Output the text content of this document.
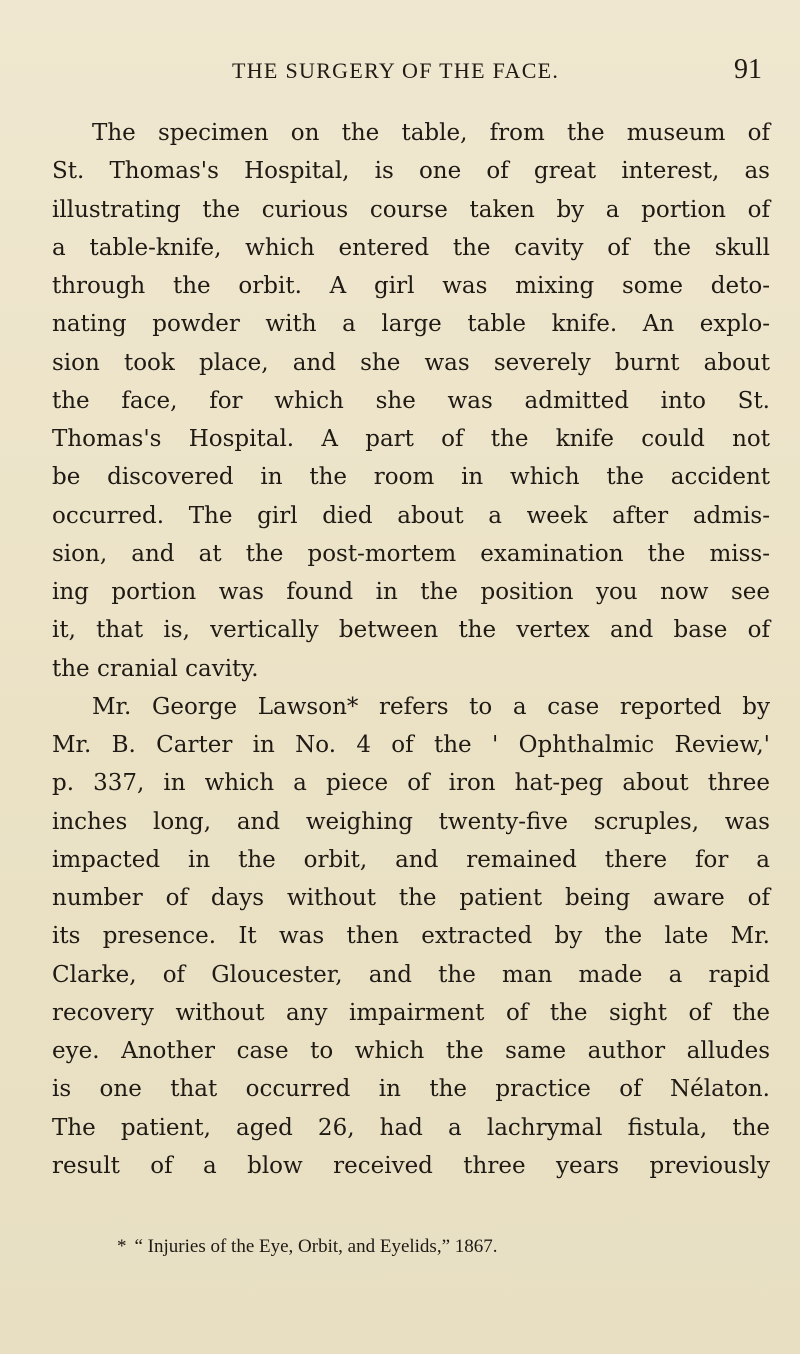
THE SURGERY OF THE FACE.	91
The specimen on the table, from the museum of
St. Thomas's Hospital, is one of great interest, as
illustrating the curious course taken by a portion of
a table-knife, which entered the cavity of the skull
through the orbit. A girl was mixing some deto-
nating powder with a large table knife. An explo-
sion took place, and she was severely burnt about
the face, for which she was admitted into St.
Thomas's Hospital. A part of the knife could not
be discovered in the room in which the accident
occurred. The girl died about a week after admis-
sion, and at the post-mortem examination the miss-
ing portion was found in the position you now see
it, that is, vertically between the vertex and base of
the cranial cavity.
Mr. George Lawson* refers to a case reported by
Mr. B. Carter in No. 4 of the ' Ophthalmic Review,'
p. 337, in which a piece of iron hat-peg about three
inches long, and weighing twenty-five scruples, was
impacted in the orbit, and remained there for a
number of days without the patient being aware of
its presence. It was then extracted by the late Mr.
Clarke, of Gloucester, and the man made a rapid
recovery without any impairment of the sight of the
eye. Another case to which the same author alludes
is one that occurred in the practice of Nélaton.
The patient, aged 26, had a lachrymal fistula, the
result of a blow received three years previously
* “ Injuries of the Eye, Orbit, and Eyelids,” 1867.
